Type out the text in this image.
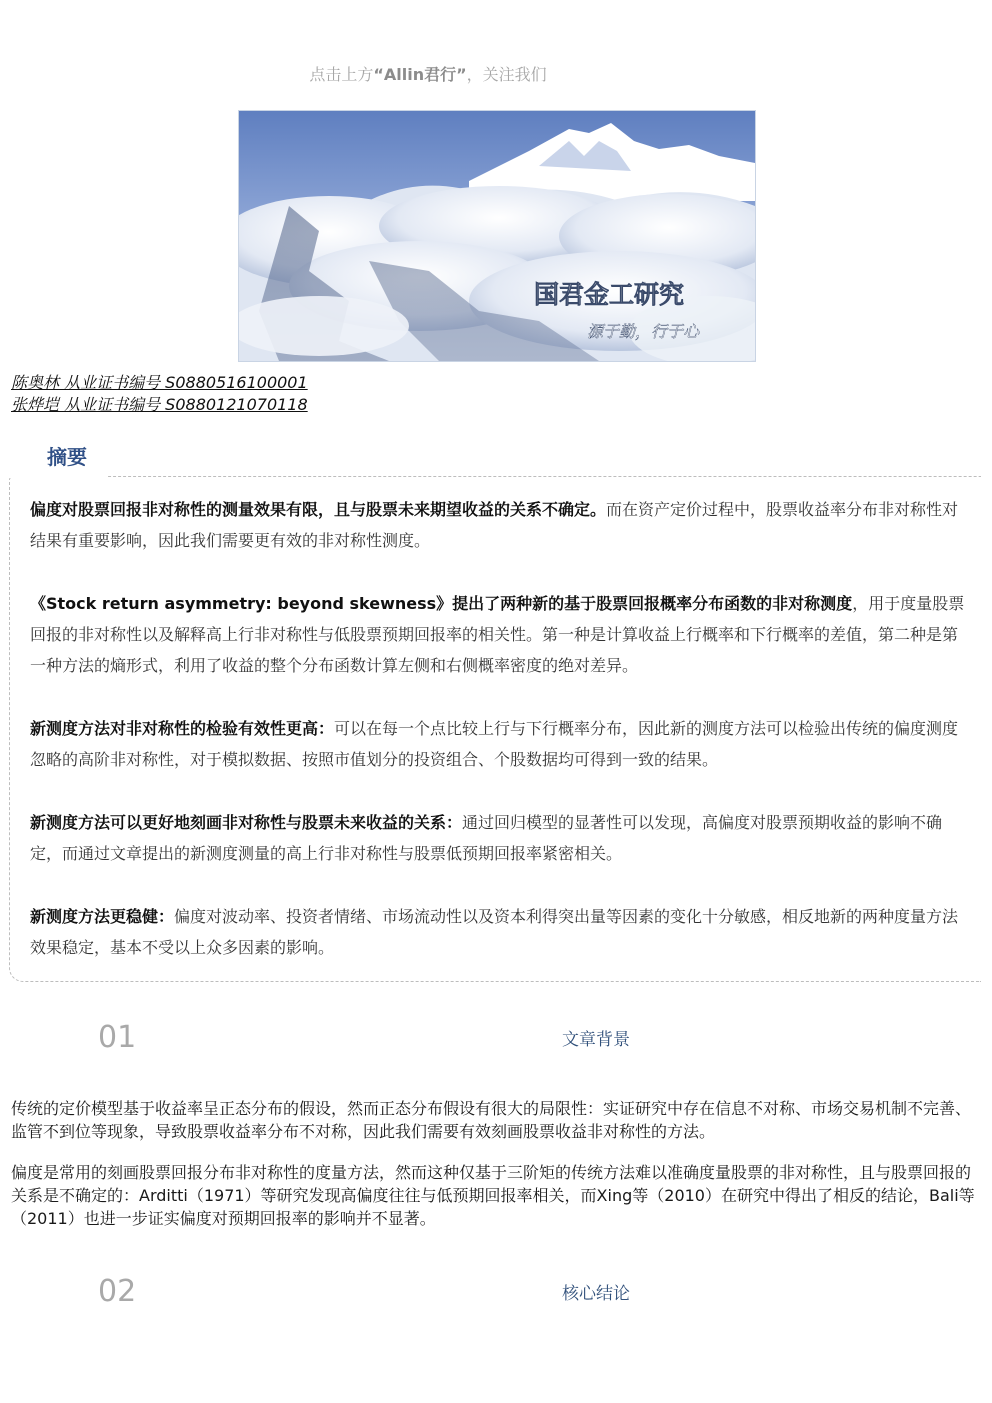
点击上方“Allin君行”，关注我们
国君金工研究
源于勤，行于心
陈奥林 从业证书编号 S0880516100001
张烨垲 从业证书编号 S0880121070118
摘要
偏度对股票回报非对称性的测量效果有限，且与股票未来期望收益的关系不确定。而在资产定价过程中，股票收益率分布非对称性对结果有重要影响，因此我们需要更有效的非对称性测度。
《Stock return asymmetry: beyond skewness》提出了两种新的基于股票回报概率分布函数的非对称测度，用于度量股票回报的非对称性以及解释高上行非对称性与低股票预期回报率的相关性。第一种是计算收益上行概率和下行概率的差值，第二种是第一种方法的熵形式，利用了收益的整个分布函数计算左侧和右侧概率密度的绝对差异。
新测度方法对非对称性的检验有效性更高：可以在每一个点比较上行与下行概率分布，因此新的测度方法可以检验出传统的偏度测度忽略的高阶非对称性，对于模拟数据、按照市值划分的投资组合、个股数据均可得到一致的结果。
新测度方法可以更好地刻画非对称性与股票未来收益的关系：通过回归模型的显著性可以发现，高偏度对股票预期收益的影响不确定，而通过文章提出的新测度测量的高上行非对称性与股票低预期回报率紧密相关。
新测度方法更稳健：偏度对波动率、投资者情绪、市场流动性以及资本利得突出量等因素的变化十分敏感，相反地新的两种度量方法效果稳定，基本不受以上众多因素的影响。
01	文章背景
传统的定价模型基于收益率呈正态分布的假设，然而正态分布假设有很大的局限性：实证研究中存在信息不对称、市场交易机制不完善、监管不到位等现象，导致股票收益率分布不对称，因此我们需要有效刻画股票收益非对称性的方法。
偏度是常用的刻画股票回报分布非对称性的度量方法，然而这种仅基于三阶矩的传统方法难以准确度量股票的非对称性，且与股票回报的关系是不确定的：Arditti（1971）等研究发现高偏度往往与低预期回报率相关，而Xing等（2010）在研究中得出了相反的结论，Bali等（2011）也进一步证实偏度对预期回报率的影响并不显著。
02	核心结论
